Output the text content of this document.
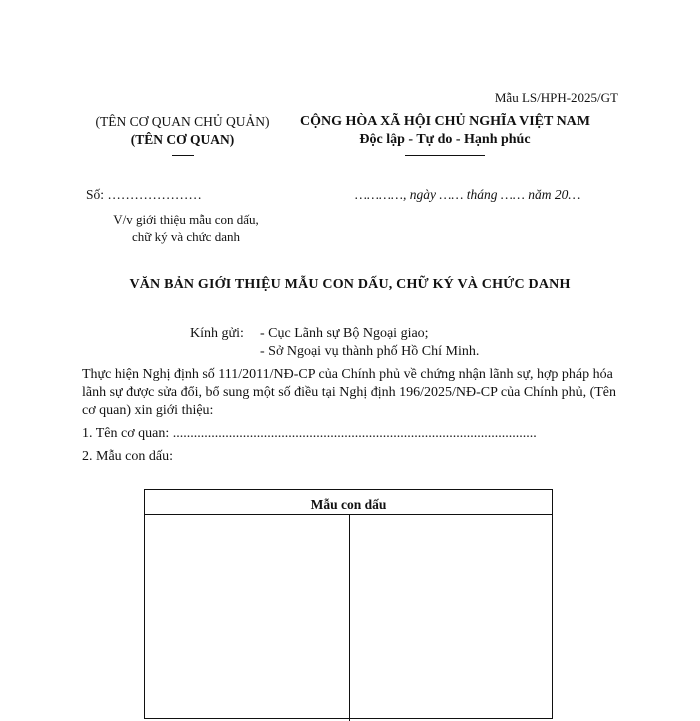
Mẫu LS/HPH-2025/GT
(TÊN CƠ QUAN CHỦ QUẢN)
(TÊN CƠ QUAN)
CỘNG HÒA XÃ HỘI CHỦ NGHĨA VIỆT NAM
Độc lập - Tự do - Hạnh phúc
Số: …………………	…………, ngày …… tháng …… năm 20…
V/v giới thiệu mẫu con dấu,
chữ ký và chức danh
VĂN BẢN GIỚI THIỆU MẪU CON DẤU, CHỮ KÝ VÀ CHỨC DANH
Kính gửi: - Cục Lãnh sự Bộ Ngoại giao;
- Sở Ngoại vụ thành phố Hồ Chí Minh.
Thực hiện Nghị định số 111/2011/NĐ-CP của Chính phủ về chứng nhận lãnh sự, hợp pháp hóa lãnh sự được sửa đổi, bổ sung một số điều tại Nghị định 196/2025/NĐ-CP của Chính phủ, (Tên cơ quan) xin giới thiệu:
1. Tên cơ quan: ........................................................................................................
2. Mẫu con dấu:
Mẫu con dấu
